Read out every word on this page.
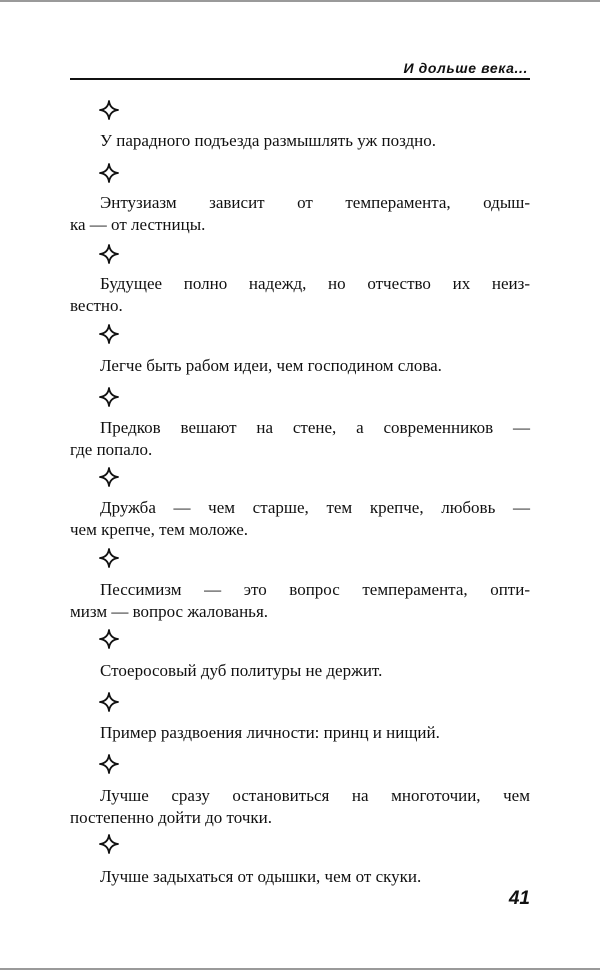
И дольше века...
У парадного подъезда размышлять уж поздно.
Энтузиазм зависит от темперамента, одыш-
ка — от лестницы.
Будущее полно надежд, но отчество их неиз-
вестно.
Легче быть рабом идеи, чем господином слова.
Предков вешают на стене, а современников —
где попало.
Дружба — чем старше, тем крепче, любовь —
чем крепче, тем моложе.
Пессимизм — это вопрос темперамента, опти-
мизм — вопрос жалованья.
Стоеросовый дуб политуры не держит.
Пример раздвоения личности: принц и нищий.
Лучше сразу остановиться на многоточии, чем
постепенно дойти до точки.
Лучше задыхаться от одышки, чем от скуки.
41
